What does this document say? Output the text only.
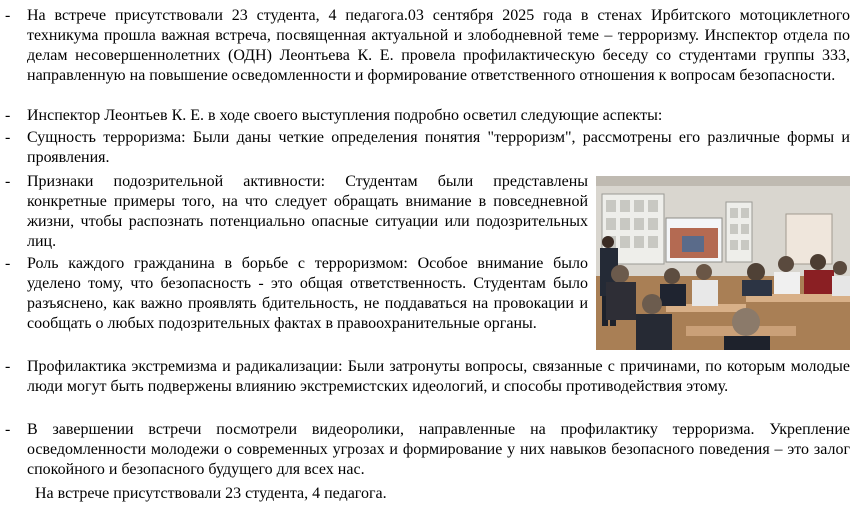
-	На встрече присутствовали 23 студента, 4 педагога.03 сентября 2025 года в стенах Ирбитского мотоциклетного техникума прошла важная встреча, посвященная актуальной и злободневной теме – терроризму. Инспектор отдела по делам несовершеннолетних (ОДН) Леонтьева К. Е. провела профилактическую беседу со студентами группы 333, направленную на повышение осведомленности и формирование ответственного отношения к вопросам безопасности.
-	Инспектор Леонтьев К. Е. в ходе своего выступления подробно осветил следующие аспекты:
-	Сущность терроризма: Были даны четкие определения понятия "терроризм", рассмотрены его различные формы и проявления.
-	Признаки подозрительной активности: Студентам были представлены конкретные примеры того, на что следует обращать внимание в повседневной жизни, чтобы распознать потенциально опасные ситуации или подозрительных лиц.
-	Роль каждого гражданина в борьбе с терроризмом: Особое внимание было уделено тому, что безопасность - это общая ответственность. Студентам было разъяснено, как важно проявлять бдительность, не поддаваться на провокации и сообщать о любых подозрительных фактах в правоохранительные органы.
-	Профилактика экстремизма и радикализации: Были затронуты вопросы, связанные с причинами, по которым молодые люди могут быть подвержены влиянию экстремистских идеологий, и способы противодействия этому.
-	В завершении встречи посмотрели видеоролики, направленные на профилактику терроризма. Укрепление осведомленности молодежи о современных угрозах и формирование у них навыков безопасного поведения – это залог спокойного и безопасного будущего для всех нас.
На встрече присутствовали 23 студента, 4 педагога.
